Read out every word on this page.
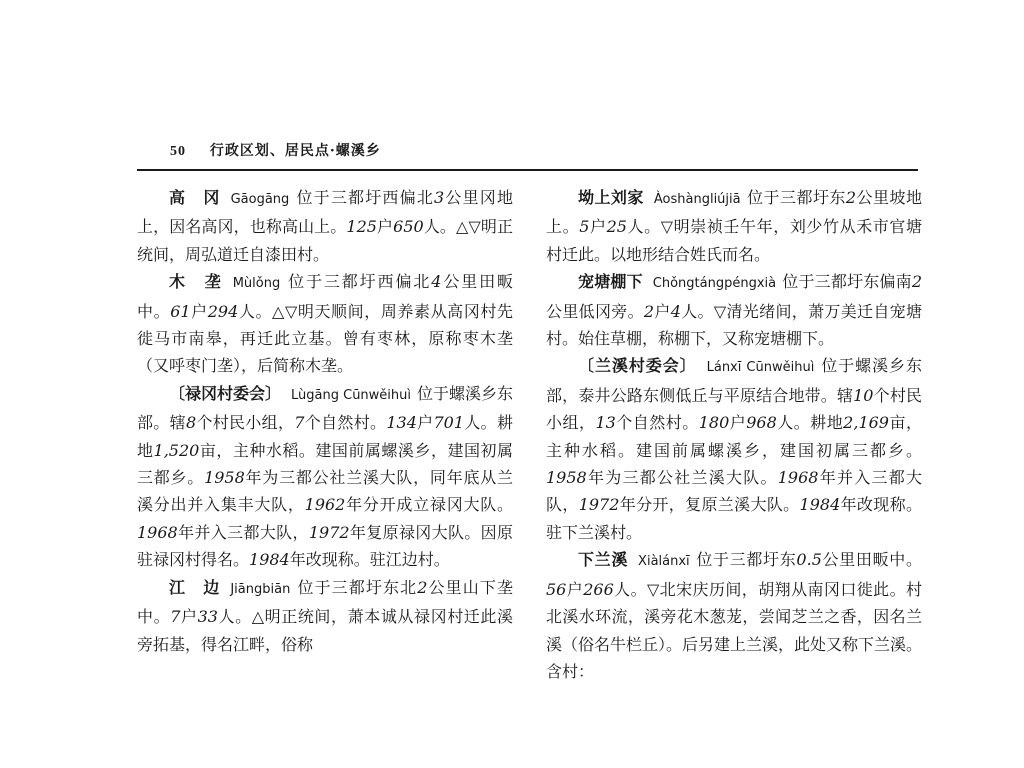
50 行政区划、居民点·螺溪乡

高　冈 Gāogāng 位于三都圩西偏北3公里冈地上，因名高冈，也称高山上。125户650人。△▽明正统间，周弘道迁自漆田村。

木　垄 Mùlǒng 位于三都圩西偏北4公里田畈中。61户294人。△▽明天顺间，周养素从高冈村先徙马市南皋，再迁此立基。曾有枣林，原称枣木垄（又呼枣门垄），后简称木垄。

〔禄冈村委会〕 Lùgāng Cūnwěihuì 位于螺溪乡东部。辖8个村民小组，7个自然村。134户701人。耕地1,520亩，主种水稻。建国前属螺溪乡，建国初属三都乡。1958年为三都公社兰溪大队，同年底从兰溪分出并入集丰大队，1962年分开成立禄冈大队。1968年并入三都大队，1972年复原禄冈大队。因原驻禄冈村得名。1984年改现称。驻江边村。

江　边 Jiāngbiān 位于三都圩东北2公里山下垄中。7户33人。△明正统间，萧本诚从禄冈村迁此溪旁拓基，得名江畔，俗称

坳上刘家 Àoshàngliújiā 位于三都圩东2公里坡地上。5户25人。▽明崇祯壬午年，刘少竹从禾市官塘村迁此。以地形结合姓氏而名。

宠塘棚下 Chǒngtángpéngxià 位于三都圩东偏南2公里低冈旁。2户4人。▽清光绪间，萧万美迁自宠塘村。始住草棚，称棚下，又称宠塘棚下。

〔兰溪村委会〕 Lánxī Cūnwěihuì 位于螺溪乡东部，泰井公路东侧低丘与平原结合地带。辖10个村民小组，13个自然村。180户968人。耕地2,169亩，主种水稻。建国前属螺溪乡，建国初属三都乡。1958年为三都公社兰溪大队。1968年并入三都大队，1972年分开，复原兰溪大队。1984年改现称。驻下兰溪村。

下兰溪 Xiàlánxī 位于三都圩东0.5公里田畈中。56户266人。▽北宋庆历间，胡翔从南冈口徙此。村北溪水环流，溪旁花木葱茏，尝闻芝兰之香，因名兰溪（俗名牛栏丘）。后另建上兰溪，此处又称下兰溪。含村：
